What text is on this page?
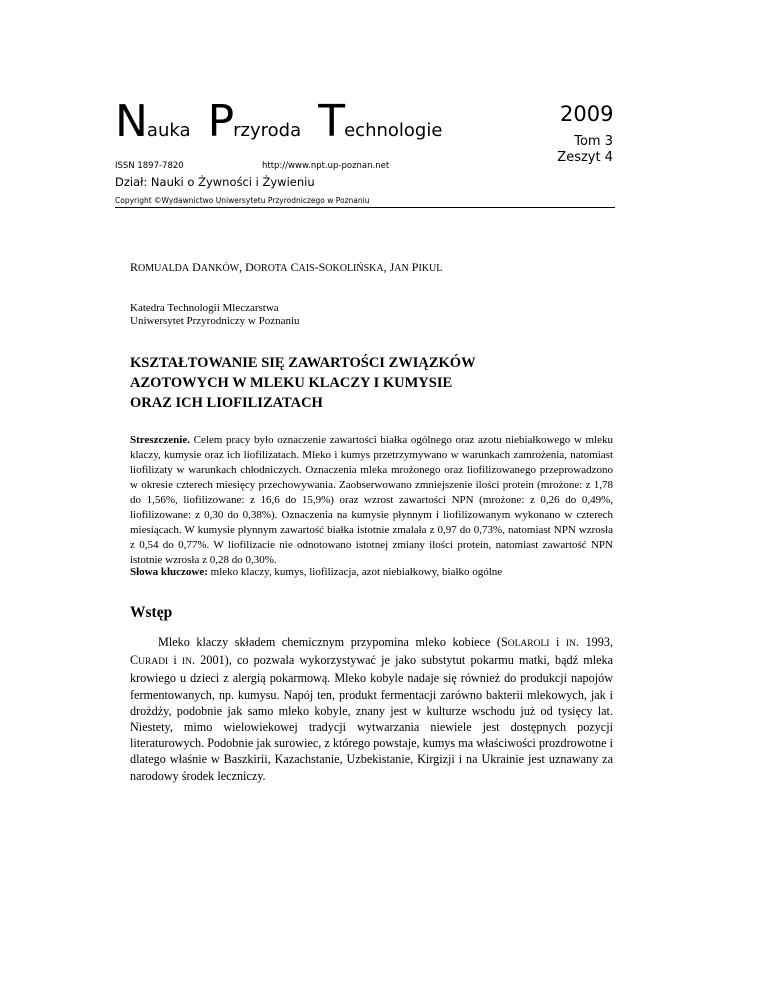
Nauka Przyroda Technologie
2009
Tom 3
Zeszyt 4
ISSN 1897-7820	http://www.npt.up-poznan.net
Dział: Nauki o Żywności i Żywieniu
Copyright ©Wydawnictwo Uniwersytetu Przyrodniczego w Poznaniu
ROMUALDA DANKÓW, DOROTA CAIS-SOKOLIŃSKA, JAN PIKUL
Katedra Technologii Mleczarstwa
Uniwersytet Przyrodniczy w Poznaniu
KSZTAŁTOWANIE SIĘ ZAWARTOŚCI ZWIĄZKÓW
AZOTOWYCH W MLEKU KLACZY I KUMYSIE
ORAZ ICH LIOFILIZATACH
Streszczenie. Celem pracy było oznaczenie zawartości białka ogólnego oraz azotu niebiałkowego w mleku klaczy, kumysie oraz ich liofilizatach. Mleko i kumys przetrzymywano w warunkach zamrożenia, natomiast liofilizaty w warunkach chłodniczych. Oznaczenia mleka mrożonego oraz liofilizowanego przeprowadzono w okresie czterech miesięcy przechowywania. Zaobserwowano zmniejszenie ilości protein (mrożone: z 1,78 do 1,56%, liofilizowane: z 16,6 do 15,9%) oraz wzrost zawartości NPN (mrożone: z 0,26 do 0,49%, liofilizowane: z 0,30 do 0,38%). Oznaczenia na kumysie płynnym i liofilizowanym wykonano w czterech miesiącach. W kumysie płynnym zawartość białka istotnie zmalała z 0,97 do 0,73%, natomiast NPN wzrosła z 0,54 do 0,77%. W liofilizacie nie odnotowano istotnej zmiany ilości protein, natomiast zawartość NPN istotnie wzrosła z 0,28 do 0,30%.
Słowa kluczowe: mleko klaczy, kumys, liofilizacja, azot niebiałkowy, białko ogólne
Wstęp
Mleko klaczy składem chemicznym przypomina mleko kobiece (SOLAROLI i IN. 1993, CURADI i IN. 2001), co pozwala wykorzystywać je jako substytut pokarmu matki, bądź mleka krowiego u dzieci z alergią pokarmową. Mleko kobyle nadaje się również do produkcji napojów fermentowanych, np. kumysu. Napój ten, produkt fermentacji zarówno bakterii mlekowych, jak i drożdży, podobnie jak samo mleko kobyle, znany jest w kulturze wschodu już od tysięcy lat. Niestety, mimo wielowiekowej tradycji wytwarzania niewiele jest dostępnych pozycji literaturowych. Podobnie jak surowiec, z którego powstaje, kumys ma właściwości prozdrowotne i dlatego właśnie w Baszkirii, Kazachstanie, Uzbekistanie, Kirgizji i na Ukrainie jest uznawany za narodowy środek leczniczy.
